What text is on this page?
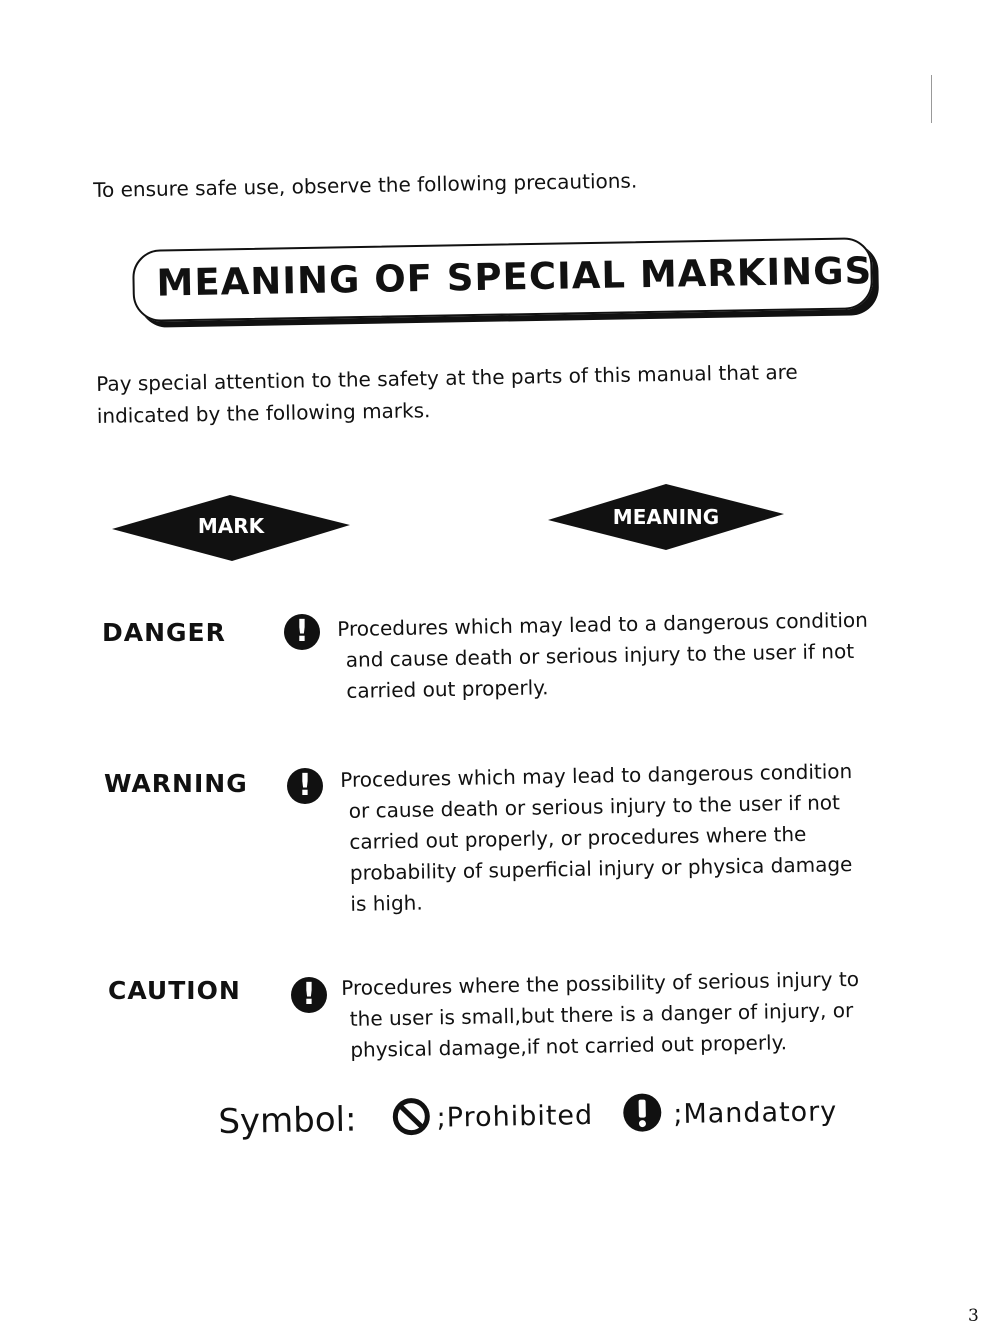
To ensure safe use, observe the following precautions.
MEANING OF SPECIAL MARKINGS
Pay special attention to the safety at the parts of this manual that are
indicated by the following marks.
MARK	MEANING
DANGER	!	Procedures which may lead to a dangerous condition
and cause death or serious injury to the user if not
carried out properly.
WARNING	!	Procedures which may lead to dangerous condition
or cause death or serious injury to the user if not
carried out properly, or procedures where the
probability of superficial injury or physica damage
is high.
CAUTION	!	Procedures where the possibility of serious injury to
the user is small,but there is a danger of injury, or
physical damage,if not carried out properly.
Symbol:	;Prohibited	;Mandatory
3
